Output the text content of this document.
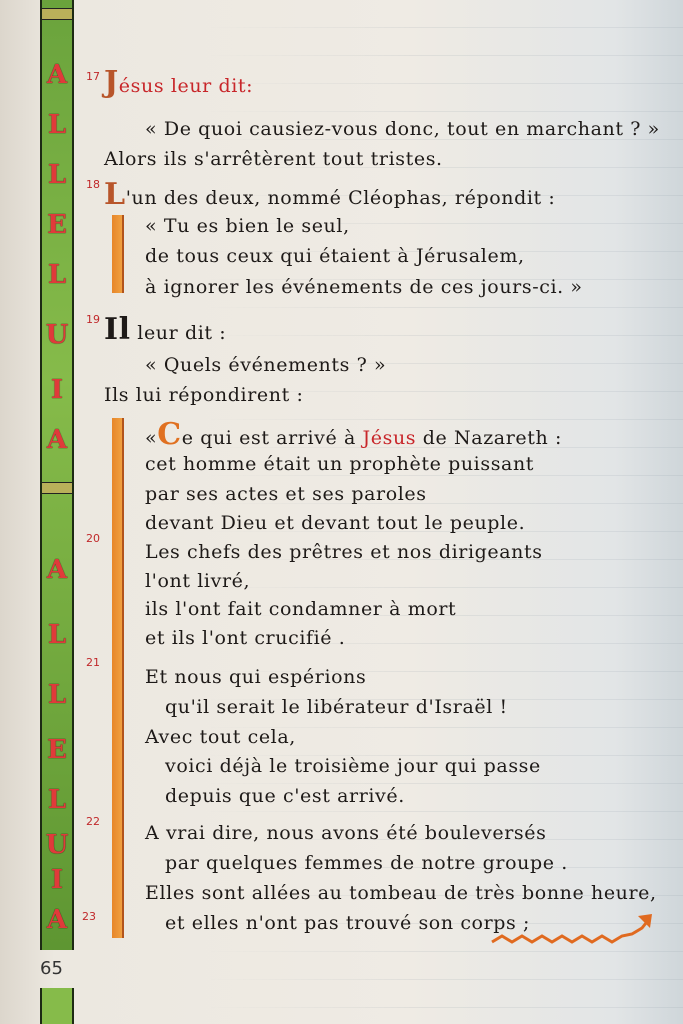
A
L
L
E
L
U
I
A
A
L
L
E
L
U
I
A
65
17
18
19
20
21
22
23
Jésus leur dit:
« De quoi causiez-vous donc, tout en marchant ? »
Alors ils s'arrêtèrent tout tristes.
L'un des deux, nommé Cléophas, répondit :
« Tu es bien le seul,
de tous ceux qui étaient à Jérusalem,
à ignorer les événements de ces jours-ci. »
Il leur dit :
« Quels événements ? »
Ils lui répondirent :
«Ce qui est arrivé à Jésus de Nazareth :
cet homme était un prophète puissant
par ses actes et ses paroles
devant Dieu et devant tout le peuple.
Les chefs des prêtres et nos dirigeants
l'ont livré,
ils l'ont fait condamner à mort
et ils l'ont crucifié .
Et nous qui espérions
qu'il serait le libérateur d'Israël !
Avec tout cela,
voici déjà le troisième jour qui passe
depuis que c'est arrivé.
A vrai dire, nous avons été bouleversés
par quelques femmes de notre groupe .
Elles sont allées au tombeau de très bonne heure,
et elles n'ont pas trouvé son corps ;
